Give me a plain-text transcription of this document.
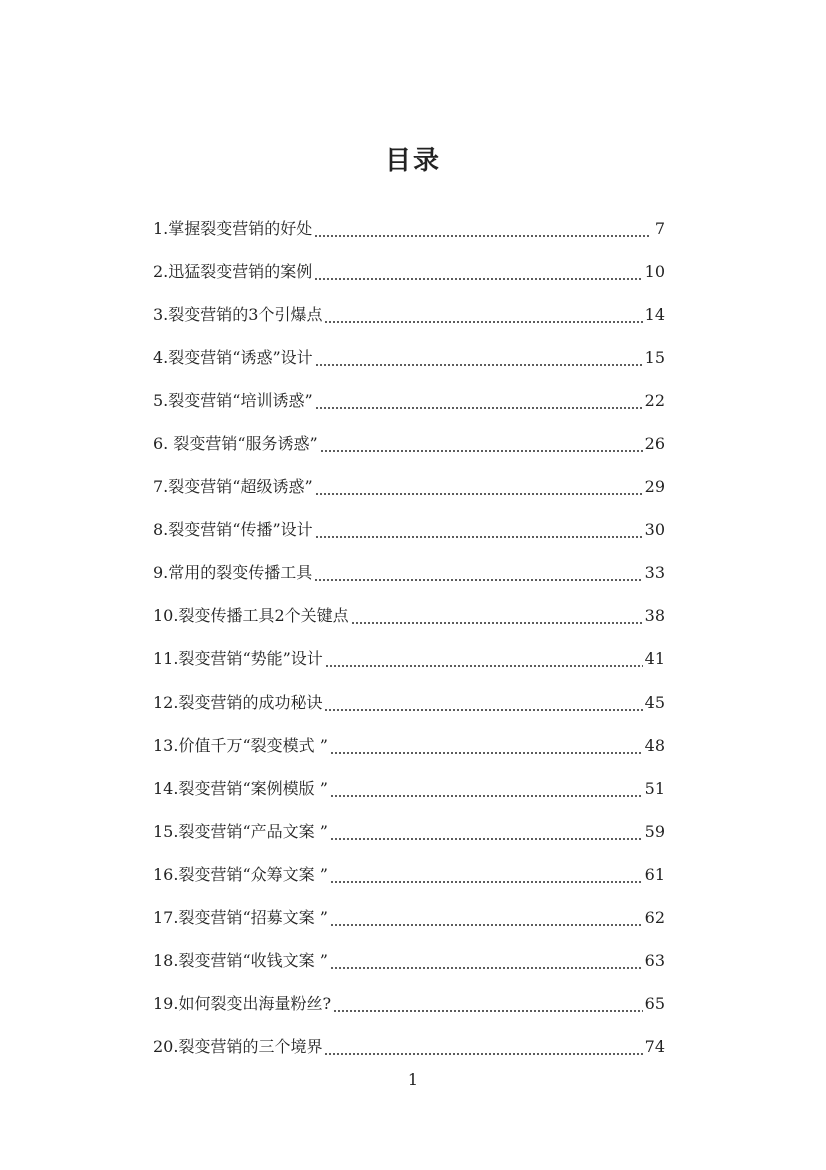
目录
1.掌握裂变营销的好处	7
2.迅猛裂变营销的案例	10
3.裂变营销的3个引爆点	14
4.裂变营销“诱惑”设计	15
5.裂变营销“培训诱惑”	22
6. 裂变营销“服务诱惑”	26
7.裂变营销“超级诱惑”	29
8.裂变营销“传播”设计	30
9.常用的裂变传播工具	33
10.裂变传播工具2个关键点	38
11.裂变营销“势能”设计	41
12.裂变营销的成功秘诀	45
13.价值千万“裂变模式 ”	48
14.裂变营销“案例模版 ”	51
15.裂变营销“产品文案 ”	59
16.裂变营销“众筹文案 ”	61
17.裂变营销“招募文案 ”	62
18.裂变营销“收钱文案 ”	63
19.如何裂变出海量粉丝?	65
20.裂变营销的三个境界	74
1
